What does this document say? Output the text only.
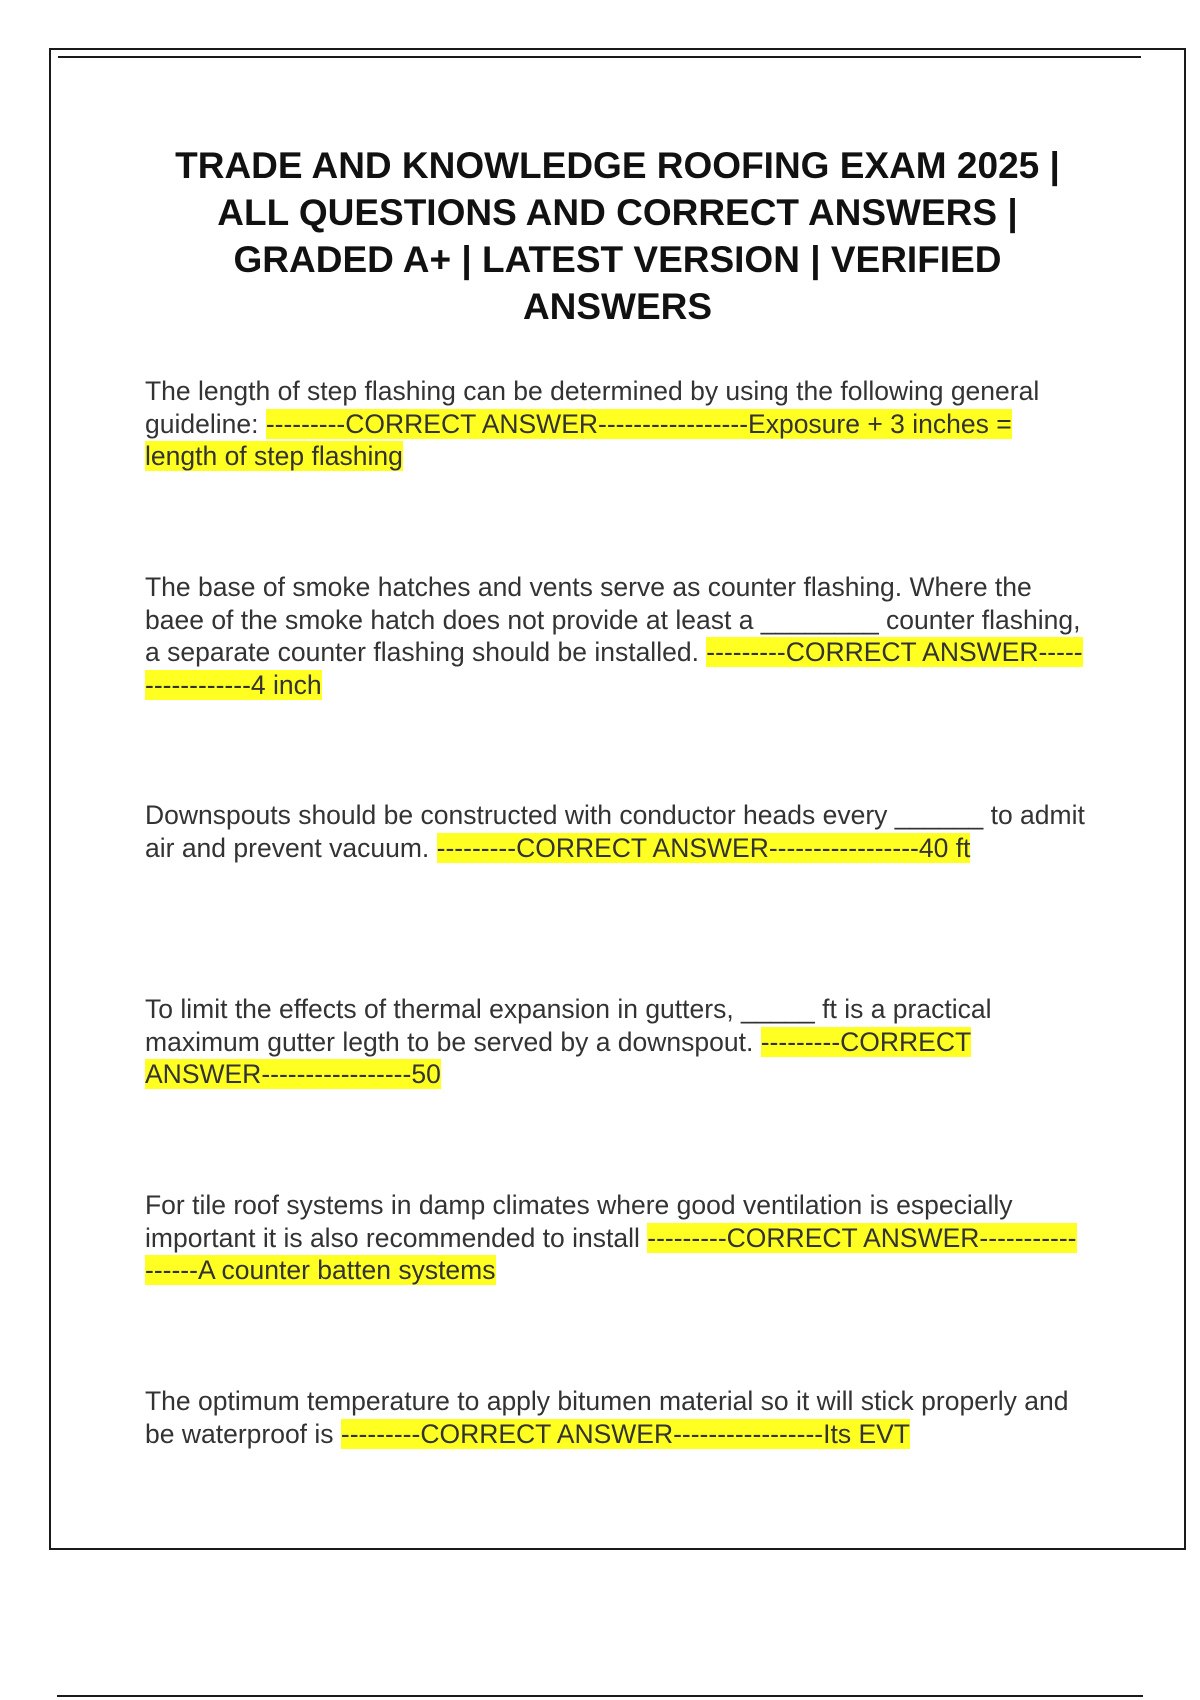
TRADE AND KNOWLEDGE ROOFING EXAM 2025 | ALL QUESTIONS AND CORRECT ANSWERS | GRADED A+ | LATEST VERSION | VERIFIED ANSWERS

The length of step flashing can be determined by using the following general guideline: ---------CORRECT ANSWER-----------------Exposure + 3 inches = length of step flashing

The base of smoke hatches and vents serve as counter flashing. Where the baee of the smoke hatch does not provide at least a ________ counter flashing, a separate counter flashing should be installed. ---------CORRECT ANSWER-----------------4 inch

Downspouts should be constructed with conductor heads every ______ to admit air and prevent vacuum. ---------CORRECT ANSWER-----------------40 ft

To limit the effects of thermal expansion in gutters, _____ ft is a practical maximum gutter legth to be served by a downspout. ---------CORRECT ANSWER-----------------50

For tile roof systems in damp climates where good ventilation is especially important it is also recommended to install ---------CORRECT ANSWER-----------------A counter batten systems

The optimum temperature to apply bitumen material so it will stick properly and be waterproof is ---------CORRECT ANSWER-----------------Its EVT
